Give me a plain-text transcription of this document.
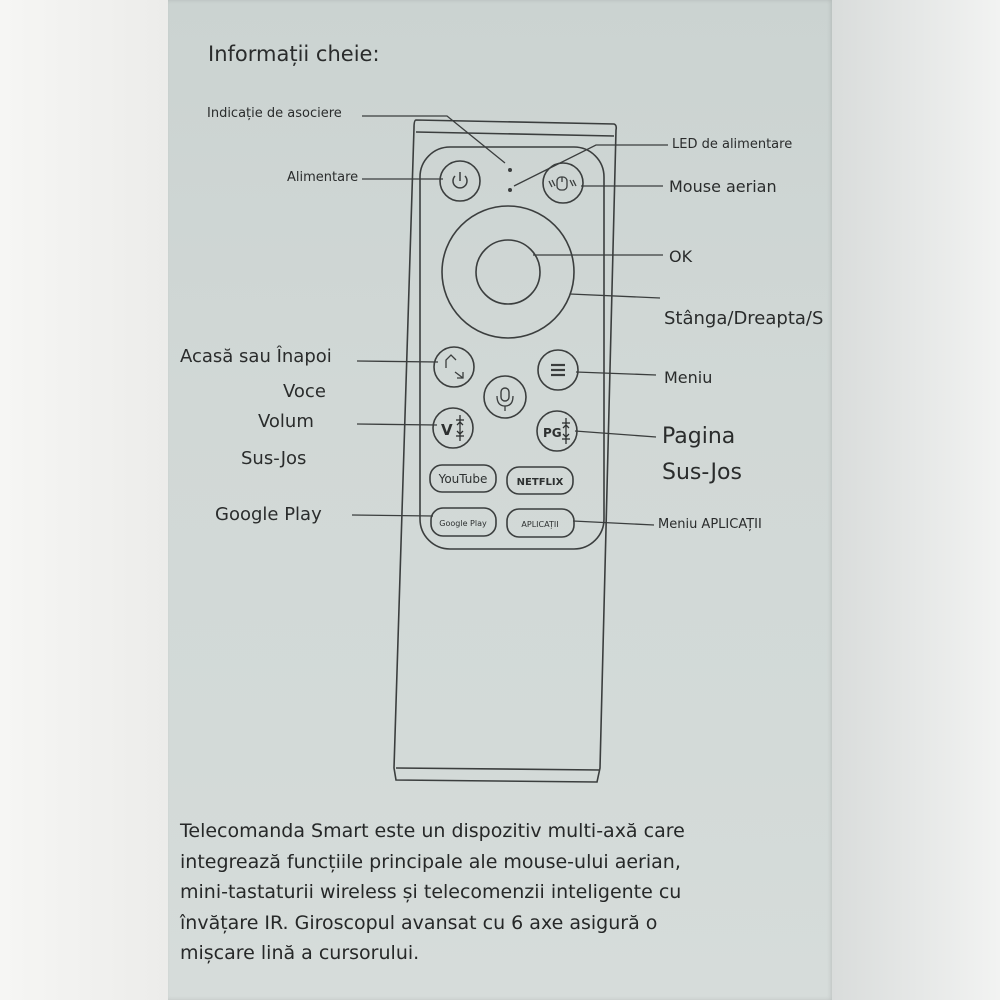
V	PG
YouTube	NETFLIX
Google Play	APLICAȚII
Informații cheie:
Indicație de asociere
LED de alimentare
Alimentare	Mouse aerian
OK
Stânga/Dreapta/S
Acasă sau Înapoi
Voce
Meniu
Volum
Sus-Jos
Pagina
Sus-Jos
Google Play	Meniu APLICAȚII
Telecomanda Smart este un dispozitiv multi-axă care
integrează funcțiile principale ale mouse-ului aerian,
mini-tastaturii wireless și telecomenzii inteligente cu
învățare IR. Giroscopul avansat cu 6 axe asigură o
mișcare lină a cursorului.
